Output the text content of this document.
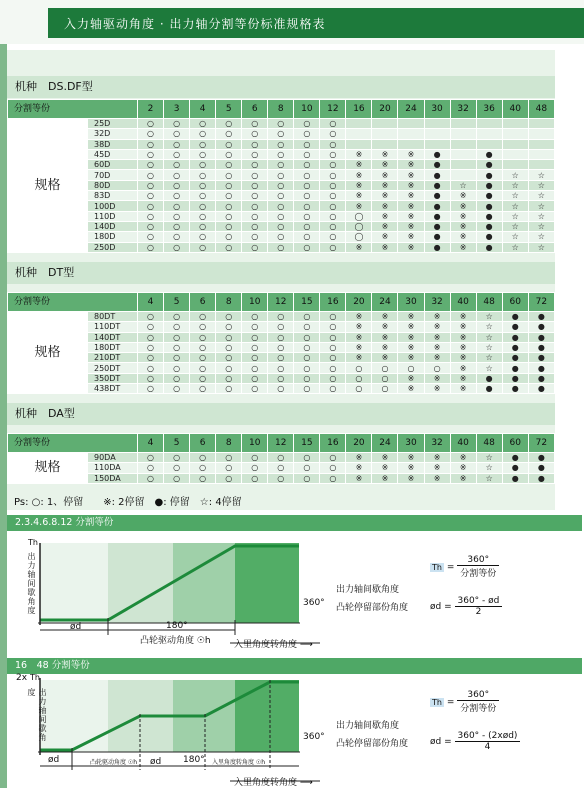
入力轴驱动角度 · 出力轴分割等份标准规格表
机种　DS.DF型
分割等份		2	3	4	5	6	8	10	12	16	20	24	30	32	36	40	48
规格	25D	○	○	○	○	○	○	○	○								
	32D	○	○	○	○	○	○	○	○								
	38D	○	○	○	○	○	○	○	○								
	45D	○	○	○	○	○	○	○	○	※	※	※	●		●		
	60D	○	○	○	○	○	○	○	○	※	※	※	●		●		
	70D	○	○	○	○	○	○	○	○	※	※	※	●		●	☆	☆
	80D	○	○	○	○	○	○	○	○	※	※	※	●	☆	●	☆	☆
	83D	○	○	○	○	○	○	○	○	※	※	※	●	※	●	☆	☆
	100D	○	○	○	○	○	○	○	○	※	※	※	●	※	●	☆	☆
	110D	○	○	○	○	○	○	○	○	◯	※	※	●	※	●	☆	☆
	140D	○	○	○	○	○	○	○	○	◯	※	※	●	※	●	☆	☆
	180D	○	○	○	○	○	○	○	○	◯	※	※	●	※	●	☆	☆
	250D	○	○	○	○	○	○	○	○	※	※	※	●	※	●	☆	☆
机种　DT型
分割等份		4	5	6	8	10	12	15	16	20	24	30	32	40	48	60	72
规格	80DT	○	○	○	○	○	○	○	○	※	※	※	※	※	☆	●	●
	110DT	○	○	○	○	○	○	○	○	※	※	※	※	※	☆	●	●
	140DT	○	○	○	○	○	○	○	○	※	※	※	※	※	☆	●	●
	180DT	○	○	○	○	○	○	○	○	※	※	※	※	※	☆	●	●
	210DT	○	○	○	○	○	○	○	○	※	※	※	※	※	☆	●	●
	250DT	○	○	○	○	○	○	○	○	○	○	○	○	※	☆	●	●
	350DT	○	○	○	○	○	○	○	○	○	○	※	※	※	●	●	●
	438DT	○	○	○	○	○	○	○	○	○	○	※	※	※	●	●	●
机种　DA型
分割等份		4	5	6	8	10	12	15	16	20	24	30	32	40	48	60	72
规格	90DA	○	○	○	○	○	○	○	○	※	※	※	※	※	☆	●	●
	110DA	○	○	○	○	○	○	○	○	※	※	※	※	※	☆	●	●
	150DA	○	○	○	○	○	○	○	○	※	※	※	※	※	☆	●	●
Ps: ○: 1、停留　　※: 2停留　●: 停留　☆: 4停留
2.3.4.6.8.12 分割等份
16　48 分割等份
Th
出力轴间歇角度
ød	180°
凸轮驱动角度 ☉h	入里角度转角度 ⟶
360°
出力轴间歇角度
凸轮停留部份角度
$Th = \frac{360^\circ}{\text{分割等份}}$
ød = $\frac{360^\circ - ød}{2}$
2x Th
出力轴间歇角度
ød	凸轮驱动角度 ☉h	180°
ød	入里角度转角度 ☉h
入里角度转角度 ⟶
360°
出力轴间歇角度
凸轮停留部份角度
$Th = \frac{360^\circ}{\text{分割等份}}$
ød = $\frac{\text{360° - (2xød)}}{4}$
